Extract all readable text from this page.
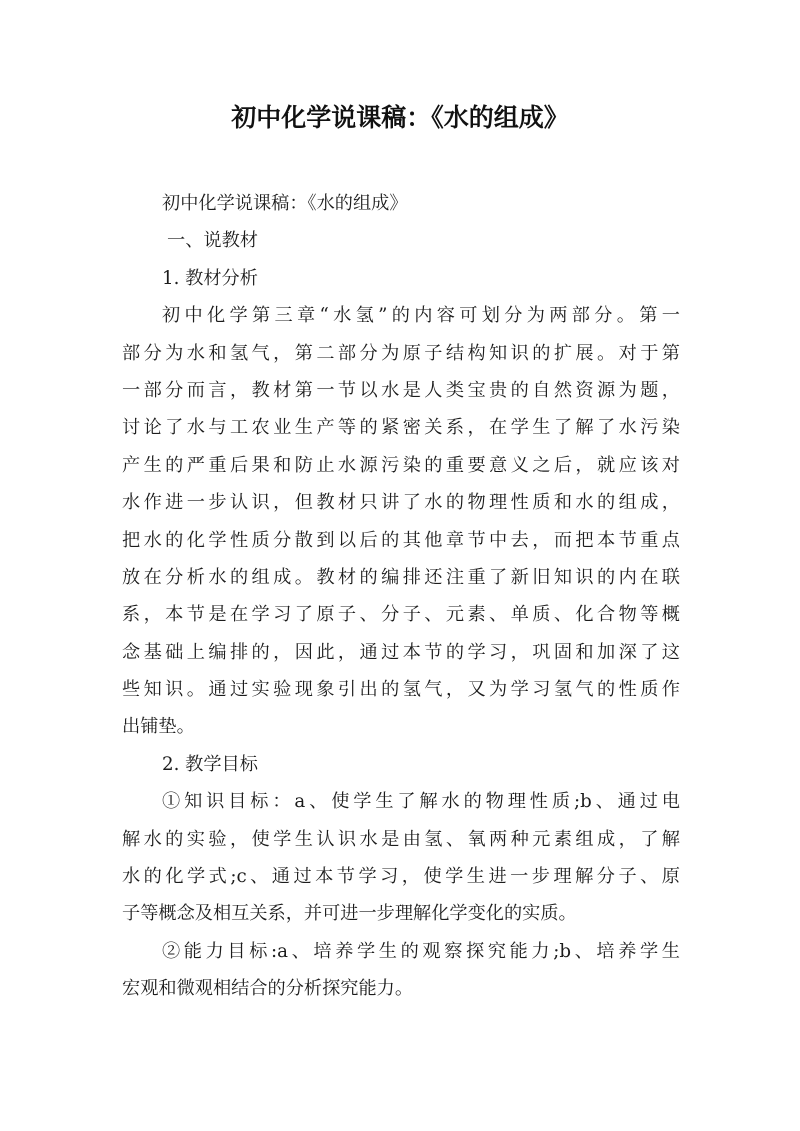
初中化学说课稿：《水的组成》
初中化学说课稿：《水的组成》
一、说教材
1. 教材分析
初中化学第三章“水氢”的内容可划分为两部分。第一
部分为水和氢气，第二部分为原子结构知识的扩展。对于第
一部分而言，教材第一节以水是人类宝贵的自然资源为题，
讨论了水与工农业生产等的紧密关系，在学生了解了水污染
产生的严重后果和防止水源污染的重要意义之后，就应该对
水作进一步认识，但教材只讲了水的物理性质和水的组成，
把水的化学性质分散到以后的其他章节中去，而把本节重点
放在分析水的组成。教材的编排还注重了新旧知识的内在联
系，本节是在学习了原子、分子、元素、单质、化合物等概
念基础上编排的，因此，通过本节的学习，巩固和加深了这
些知识。通过实验现象引出的氢气，又为学习氢气的性质作
出铺垫。
2. 教学目标
①知识目标：a、使学生了解水的物理性质;b、通过电
解水的实验，使学生认识水是由氢、氧两种元素组成，了解
水的化学式;c、通过本节学习，使学生进一步理解分子、原
子等概念及相互关系，并可进一步理解化学变化的实质。
②能力目标:a、培养学生的观察探究能力;b、培养学生
宏观和微观相结合的分析探究能力。
